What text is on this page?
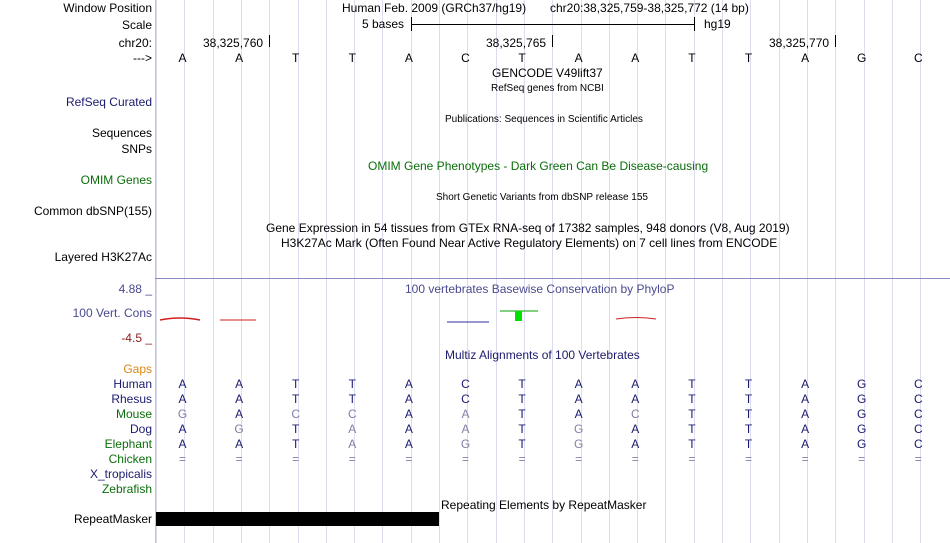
Window Position	Human Feb. 2009 (GRCh37/hg19) chr20:38,325,759-38,325,772 (14 bp)
Scale	5 bases	hg19
chr20:	38,325,760	38,325,765	38,325,770
--->	A	A	T	T	A	C	T	A	A	T	T	A	G	C
GENCODE V49lift37
RefSeq genes from NCBI
RefSeq Curated
Publications: Sequences in Scientific Articles
Sequences
SNPs
OMIM Gene Phenotypes - Dark Green Can Be Disease-causing
OMIM Genes
Short Genetic Variants from dbSNP release 155
Common dbSNP(155)
Gene Expression in 54 tissues from GTEx RNA-seq of 17382 samples, 948 donors (V8, Aug 2019)
H3K27Ac Mark (Often Found Near Active Regulatory Elements) on 7 cell lines from ENCODE
Layered H3K27Ac
4.88 _	100 vertebrates Basewise Conservation by PhyloP
100 Vert. Cons
-4.5 _
Multiz Alignments of 100 Vertebrates
Gaps
Human	A	A	T	T	A	C	T	A	A	T	T	A	G	C
Rhesus	A	A	T	T	A	C	T	A	A	T	T	A	G	C
Mouse	G	A	C	C	A	A	T	A	C	T	T	A	G	C
Dog	A	G	T	A	A	A	T	G	A	T	T	A	G	C
Elephant	A	A	T	A	A	G	T	G	A	T	T	A	G	C
Chicken	=	=	=	=	=	=	=	=	=	=	=	=	=	=
X_tropicalis
Zebrafish
Repeating Elements by RepeatMasker
RepeatMasker
